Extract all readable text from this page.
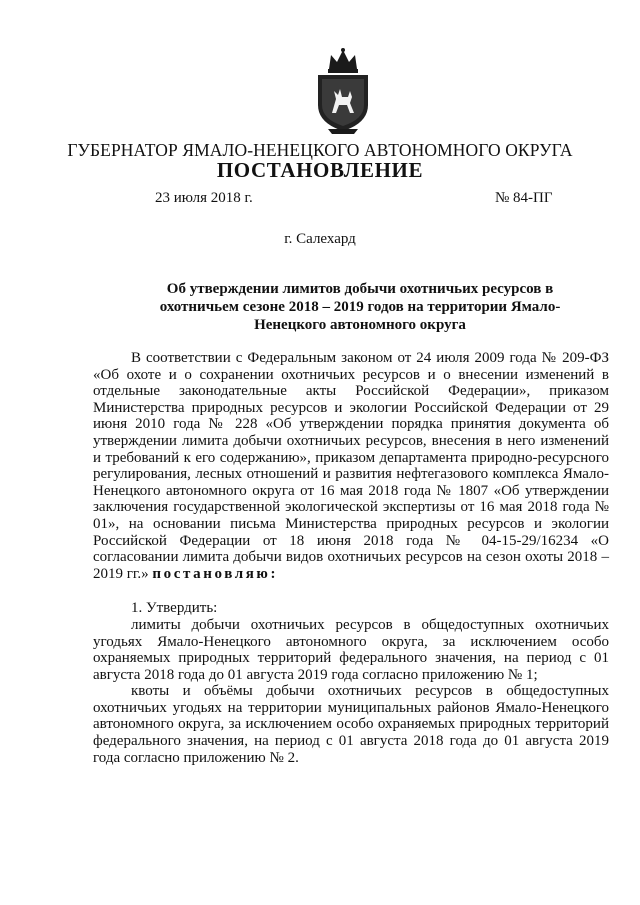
ГУБЕРНАТОР ЯМАЛО-НЕНЕЦКОГО АВТОНОМНОГО ОКРУГА
ПОСТАНОВЛЕНИЕ
23 июля 2018 г.	№ 84-ПГ
г. Салехард
Об утверждении лимитов добычи охотничьих ресурсов в охотничьем сезоне 2018 – 2019 годов на территории Ямало-Ненецкого автономного округа

В соответствии с Федеральным законом от 24 июля 2009 года № 209-ФЗ «Об охоте и о сохранении охотничьих ресурсов и о внесении изменений в отдельные законодательные акты Российской Федерации», приказом Министерства природных ресурсов и экологии Российской Федерации от 29 июня 2010 года № 228 «Об утверждении порядка принятия документа об утверждении лимита добычи охотничьих ресурсов, внесения в него изменений и требований к его содержанию», приказом департамента природно-ресурсного регулирования, лесных отношений и развития нефтегазового комплекса Ямало-Ненецкого автономного округа от 16 мая 2018 года № 1807 «Об утверждении заключения государственной экологической экспертизы от 16 мая 2018 года № 01», на основании письма Министерства природных ресурсов и экологии Российской Федерации от 18 июня 2018 года № 04-15-29/16234 «О согласовании лимита добычи видов охотничьих ресурсов на сезон охоты 2018 – 2019 гг.» постановляю:

1. Утвердить:

лимиты добычи охотничьих ресурсов в общедоступных охотничьих угодьях Ямало-Ненецкого автономного округа, за исключением особо охраняемых природных территорий федерального значения, на период с 01 августа 2018 года до 01 августа 2019 года согласно приложению № 1;

квоты и объёмы добычи охотничьих ресурсов в общедоступных охотничьих угодьях на территории муниципальных районов Ямало-Ненецкого автономного округа, за исключением особо охраняемых природных территорий федерального значения, на период с 01 августа 2018 года до 01 августа 2019 года согласно приложению № 2.
